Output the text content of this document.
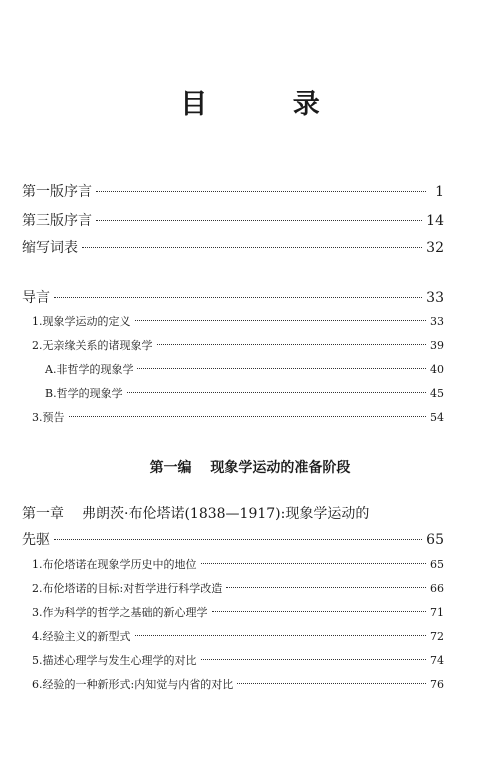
目 录
第一版序言	1
第三版序言	14
缩写词表	32
导言	33
1.现象学运动的定义	33
2.无亲缘关系的诸现象学	39
A.非哲学的现象学	40
B.哲学的现象学	45
3.预告	54
第一编 现象学运动的准备阶段
第一章 弗朗茨·布伦塔诺(1838—1917):现象学运动的
先驱	65
1.布伦塔诺在现象学历史中的地位	65
2.布伦塔诺的目标:对哲学进行科学改造	66
3.作为科学的哲学之基础的新心理学	71
4.经验主义的新型式	72
5.描述心理学与发生心理学的对比	74
6.经验的一种新形式:内知觉与内省的对比	76
